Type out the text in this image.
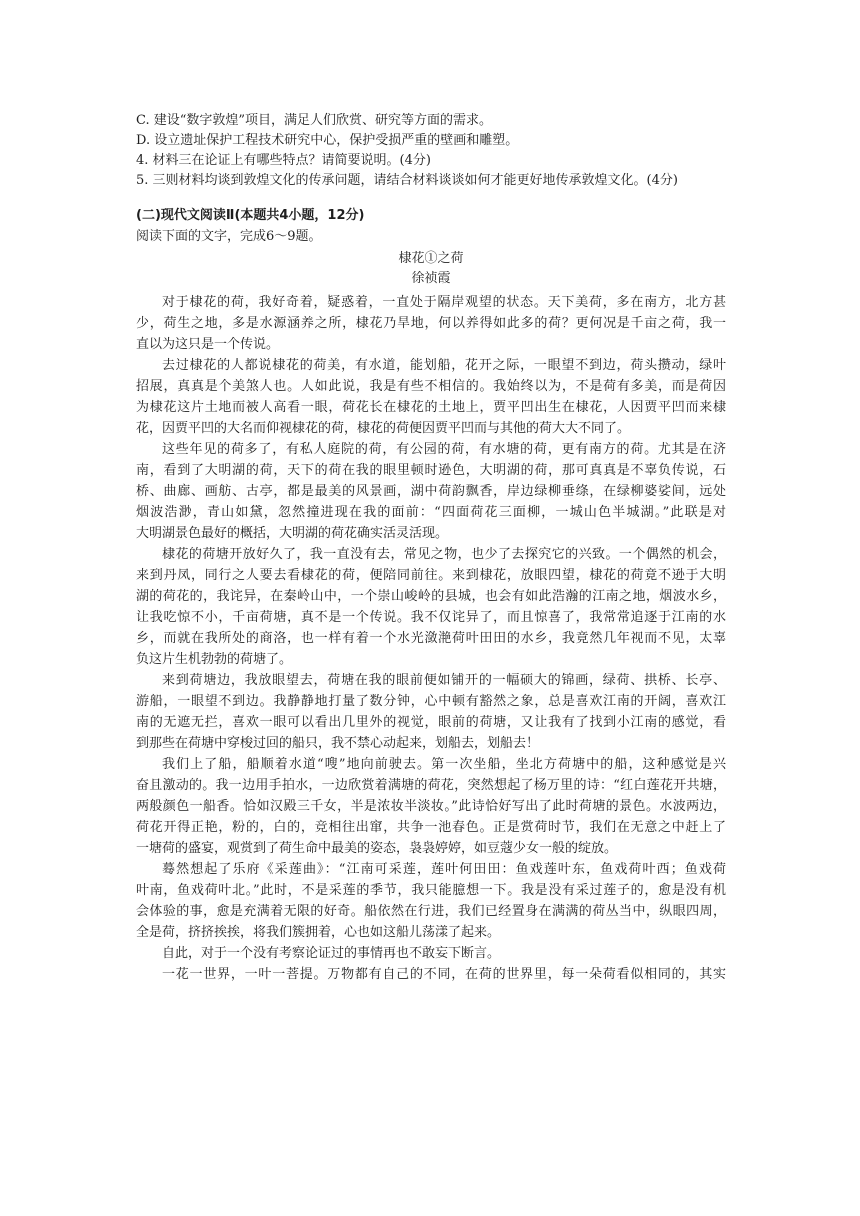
C. 建设“数字敦煌”项目，满足人们欣赏、研究等方面的需求。
D. 设立遗址保护工程技术研究中心，保护受损严重的壁画和雕塑。
4. 材料三在论证上有哪些特点？请简要说明。(4分)
5. 三则材料均谈到敦煌文化的传承问题，请结合材料谈谈如何才能更好地传承敦煌文化。(4分)
(二)现代文阅读Ⅱ(本题共4小题，12分)
阅读下面的文字，完成6～9题。
棣花①之荷
徐祯霞
对于棣花的荷，我好奇着，疑惑着，一直处于隔岸观望的状态。天下美荷，多在南方，北方甚
少，荷生之地，多是水源涵养之所，棣花乃旱地，何以养得如此多的荷？更何况是千亩之荷，我一
直以为这只是一个传说。
去过棣花的人都说棣花的荷美，有水道，能划船，花开之际，一眼望不到边，荷头攒动，绿叶
招展，真真是个美煞人也。人如此说，我是有些不相信的。我始终以为，不是荷有多美，而是荷因
为棣花这片土地而被人高看一眼，荷花长在棣花的土地上，贾平凹出生在棣花，人因贾平凹而来棣
花，因贾平凹的大名而仰视棣花的荷，棣花的荷便因贾平凹而与其他的荷大大不同了。
这些年见的荷多了，有私人庭院的荷，有公园的荷，有水塘的荷，更有南方的荷。尤其是在济
南，看到了大明湖的荷，天下的荷在我的眼里顿时逊色，大明湖的荷，那可真真是不辜负传说，石
桥、曲廊、画舫、古亭，都是最美的风景画，湖中荷韵飘香，岸边绿柳垂绦，在绿柳婆娑间，远处
烟波浩渺，青山如黛，忽然撞进现在我的面前：“四面荷花三面柳，一城山色半城湖。”此联是对
大明湖景色最好的概括，大明湖的荷花确实活灵活现。
棣花的荷塘开放好久了，我一直没有去，常见之物，也少了去探究它的兴致。一个偶然的机会，
来到丹凤，同行之人要去看棣花的荷，便陪同前往。来到棣花，放眼四望，棣花的荷竟不逊于大明
湖的荷花的，我诧异，在秦岭山中，一个崇山峻岭的县城，也会有如此浩瀚的江南之地，烟波水乡，
让我吃惊不小，千亩荷塘，真不是一个传说。我不仅诧异了，而且惊喜了，我常常追逐于江南的水
乡，而就在我所处的商洛，也一样有着一个水光潋滟荷叶田田的水乡，我竟然几年视而不见，太辜
负这片生机勃勃的荷塘了。
来到荷塘边，我放眼望去，荷塘在我的眼前便如铺开的一幅硕大的锦画，绿荷、拱桥、长亭、
游船，一眼望不到边。我静静地打量了数分钟，心中顿有豁然之象，总是喜欢江南的开阔，喜欢江
南的无遮无拦，喜欢一眼可以看出几里外的视觉，眼前的荷塘，又让我有了找到小江南的感觉，看
到那些在荷塘中穿梭过回的船只，我不禁心动起来，划船去，划船去！
我们上了船，船顺着水道“嗖”地向前驶去。第一次坐船，坐北方荷塘中的船，这种感觉是兴
奋且激动的。我一边用手拍水，一边欣赏着满塘的荷花，突然想起了杨万里的诗：“红白莲花开共塘，
两般颜色一船香。恰如汉殿三千女，半是浓妆半淡妆。”此诗恰好写出了此时荷塘的景色。水波两边，
荷花开得正艳，粉的，白的，竞相往出窜，共争一池春色。正是赏荷时节，我们在无意之中赶上了
一塘荷的盛宴，观赏到了荷生命中最美的姿态，袅袅婷婷，如豆蔻少女一般的绽放。
蓦然想起了乐府《采莲曲》：“江南可采莲，莲叶何田田：鱼戏莲叶东，鱼戏荷叶西；鱼戏荷
叶南，鱼戏荷叶北。”此时，不是采莲的季节，我只能臆想一下。我是没有采过莲子的，愈是没有机
会体验的事，愈是充满着无限的好奇。船依然在行进，我们已经置身在满满的荷丛当中，纵眼四周，
全是荷，挤挤挨挨，将我们簇拥着，心也如这船儿荡漾了起来。
自此，对于一个没有考察论证过的事情再也不敢妄下断言。
一花一世界，一叶一菩提。万物都有自己的不同，在荷的世界里，每一朵荷看似相同的，其实
